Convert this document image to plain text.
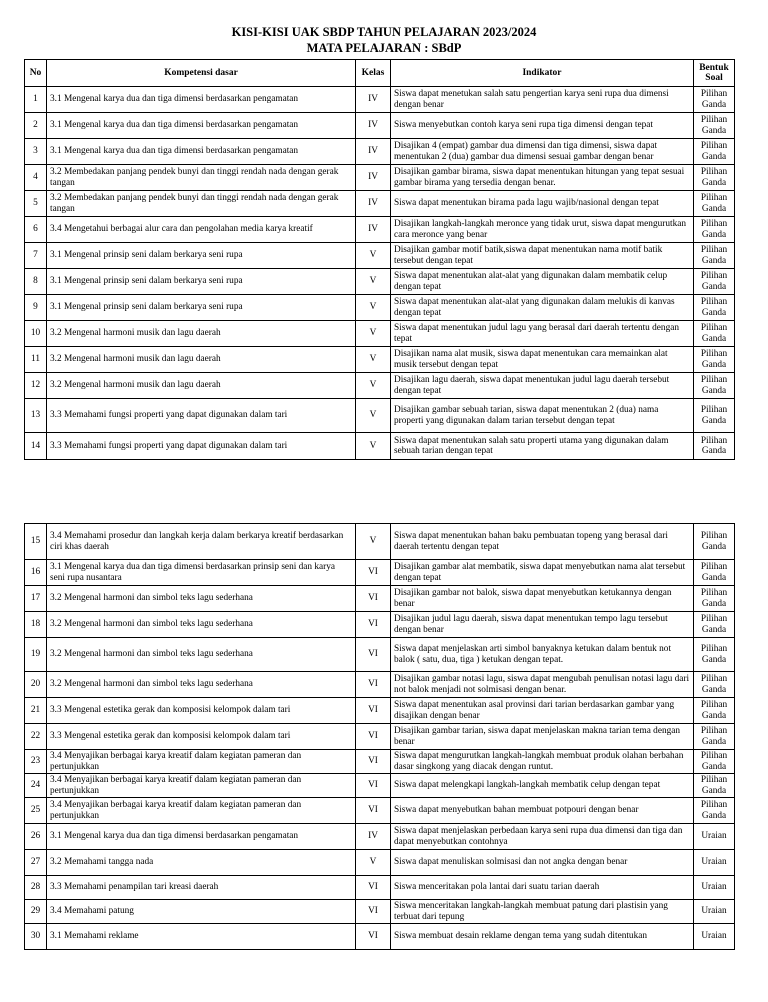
KISI-KISI UAK SBDP TAHUN PELAJARAN 2023/2024
MATA PELAJARAN : SBdP
No	Kompetensi dasar	Kelas	Indikator	Bentuk Soal
1	3.1 Mengenal karya dua dan tiga dimensi berdasarkan pengamatan	IV	Siswa dapat menetukan salah satu pengertian karya seni rupa dua dimensi dengan benar	Pilihan Ganda
2	3.1 Mengenal karya dua dan tiga dimensi berdasarkan pengamatan	IV	Siswa menyebutkan contoh karya seni rupa tiga dimensi dengan tepat	Pilihan Ganda
3	3.1 Mengenal karya dua dan tiga dimensi berdasarkan pengamatan	IV	Disajikan 4 (empat) gambar dua dimensi dan tiga dimensi, siswa dapat menentukan 2 (dua) gambar dua dimensi sesuai gambar dengan benar	Pilihan Ganda
4	3.2 Membedakan panjang pendek bunyi dan tinggi rendah nada dengan gerak tangan	IV	Disajikan gambar birama, siswa dapat menentukan hitungan yang tepat sesuai gambar birama yang tersedia dengan benar.	Pilihan Ganda
5	3.2 Membedakan panjang pendek bunyi dan tinggi rendah nada dengan gerak tangan	IV	Siswa dapat menentukan birama pada lagu wajib/nasional dengan tepat	Pilihan Ganda
6	3.4 Mengetahui berbagai alur cara dan pengolahan media karya kreatif	IV	Disajikan langkah-langkah meronce yang tidak urut, siswa dapat mengurutkan cara meronce yang benar	Pilihan Ganda
7	3.1 Mengenal prinsip seni dalam berkarya seni rupa	V	Disajikan gambar motif batik,siswa dapat menentukan nama motif batik tersebut dengan tepat	Pilihan Ganda
8	3.1 Mengenal prinsip seni dalam berkarya seni rupa	V	Siswa dapat menentukan alat-alat yang digunakan dalam membatik celup dengan tepat	Pilihan Ganda
9	3.1 Mengenal prinsip seni dalam berkarya seni rupa	V	Siswa dapat menentukan alat-alat yang digunakan dalam melukis di kanvas dengan tepat	Pilihan Ganda
10	3.2 Mengenal harmoni musik dan lagu daerah	V	Siswa dapat menentukan judul lagu yang berasal dari daerah tertentu dengan tepat	Pilihan Ganda
11	3.2 Mengenal harmoni musik dan lagu daerah	V	Disajikan nama alat musik, siswa dapat menentukan cara memainkan alat musik tersebut dengan tepat	Pilihan Ganda
12	3.2 Mengenal harmoni musik dan lagu daerah	V	Disajikan lagu daerah, siswa dapat menentukan judul lagu daerah tersebut dengan tepat	Pilihan Ganda
13	3.3 Memahami fungsi properti yang dapat digunakan dalam tari	V	Disajikan gambar sebuah tarian, siswa dapat menentukan 2 (dua) nama properti yang digunakan dalam tarian tersebut dengan tepat	Pilihan Ganda
14	3.3 Memahami fungsi properti yang dapat digunakan dalam tari	V	Siswa dapat menentukan salah satu properti utama yang digunakan dalam sebuah tarian dengan tepat	Pilihan Ganda
15	3.4 Memahami prosedur dan langkah kerja dalam berkarya kreatif berdasarkan ciri khas daerah	V	Siswa dapat menentukan bahan baku pembuatan topeng yang berasal dari daerah tertentu dengan tepat	Pilihan Ganda
16	3.1 Mengenal karya dua dan tiga dimensi berdasarkan prinsip seni dan karya seni rupa nusantara	VI	Disajikan gambar alat membatik, siswa dapat menyebutkan nama alat tersebut dengan tepat	Pilihan Ganda
17	3.2 Mengenal harmoni dan simbol teks lagu sederhana	VI	Disajikan gambar not balok, siswa dapat menyebutkan ketukannya dengan benar	Pilihan Ganda
18	3.2 Mengenal harmoni dan simbol teks lagu sederhana	VI	Disajikan judul lagu daerah, siswa dapat menentukan tempo lagu tersebut dengan benar	Pilihan Ganda
19	3.2 Mengenal harmoni dan simbol teks lagu sederhana	VI	Siswa dapat menjelaskan arti simbol banyaknya ketukan dalam bentuk not balok ( satu, dua, tiga ) ketukan dengan tepat.	Pilihan Ganda
20	3.2 Mengenal harmoni dan simbol teks lagu sederhana	VI	Disajikan gambar notasi lagu, siswa dapat mengubah penulisan notasi lagu dari not balok menjadi not solmisasi dengan benar.	Pilihan Ganda
21	3.3 Mengenal estetika gerak dan komposisi kelompok dalam tari	VI	Siswa dapat menentukan asal provinsi dari tarian berdasarkan gambar yang disajikan dengan benar	Pilihan Ganda
22	3.3 Mengenal estetika gerak dan komposisi kelompok dalam tari	VI	Disajikan gambar tarian, siswa dapat menjelaskan makna tarian tema dengan benar	Pilihan Ganda
23	3.4 Menyajikan berbagai karya kreatif dalam kegiatan pameran dan pertunjukkan	VI	Siswa dapat mengurutkan langkah-langkah membuat produk olahan berbahan dasar singkong yang diacak dengan runtut.	Pilihan Ganda
24	3.4 Menyajikan berbagai karya kreatif dalam kegiatan pameran dan pertunjukkan	VI	Siswa dapat melengkapi langkah-langkah membatik celup dengan tepat	Pilihan Ganda
25	3.4 Menyajikan berbagai karya kreatif dalam kegiatan pameran dan pertunjukkan	VI	Siswa dapat menyebutkan bahan membuat potpouri dengan benar	Pilihan Ganda
26	3.1 Mengenal karya dua dan tiga dimensi berdasarkan pengamatan	IV	Siswa dapat menjelaskan perbedaan karya seni rupa dua dimensi dan tiga dan dapat menyebutkan contohnya	Uraian
27	3.2 Memahami tangga nada	V	Siswa dapat menuliskan solmisasi dan not angka dengan benar	Uraian
28	3.3 Memahami penampilan tari kreasi daerah	VI	Siswa menceritakan pola lantai dari suatu tarian daerah	Uraian
29	3.4 Memahami patung	VI	Siswa menceritakan langkah-langkah membuat patung dari plastisin yang terbuat dari tepung	Uraian
30	3.1 Memahami reklame	VI	Siswa membuat desain reklame dengan tema yang sudah ditentukan	Uraian
